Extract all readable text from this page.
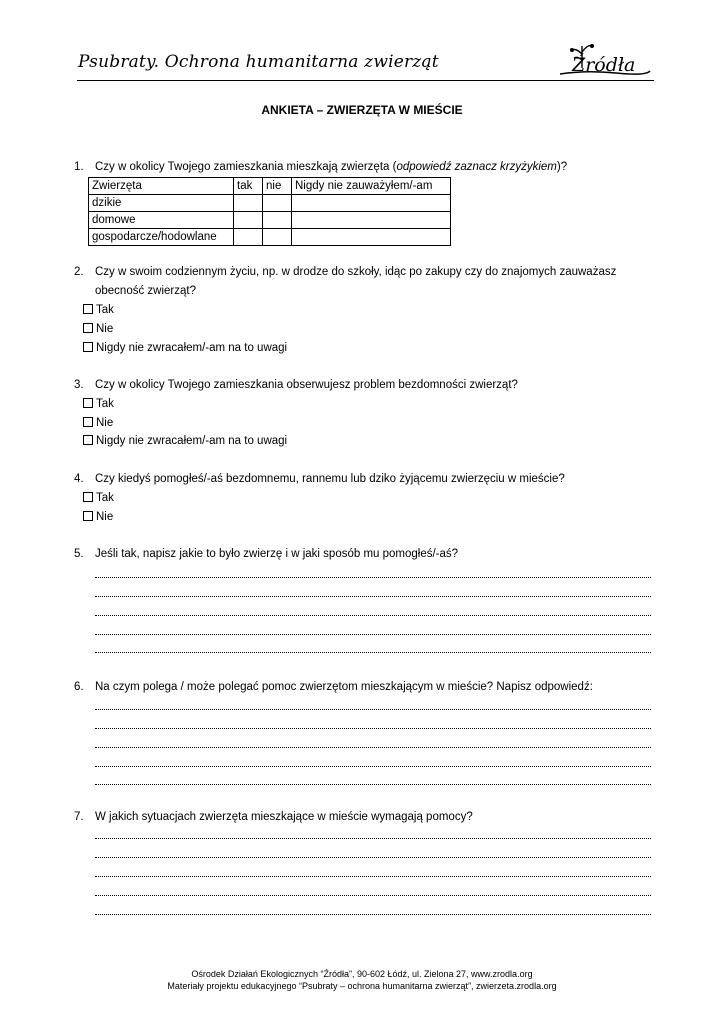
Psubraty. Ochrona humanitarna zwierząt	Źródła
ANKIETA – ZWIERZĘTA W MIEŚCIE
1. Czy w okolicy Twojego zamieszkania mieszkają zwierzęta (odpowiedź zaznacz krzyżykiem)?
Zwierzęta	tak	nie	Nigdy nie zauważyłem/-am
dzikie			
domowe			
gospodarcze/hodowlane			
2. Czy w swoim codziennym życiu, np. w drodze do szkoły, idąc po zakupy czy do znajomych zauważasz
obecność zwierząt?
Tak
Nie
Nigdy nie zwracałem/-am na to uwagi
3. Czy w okolicy Twojego zamieszkania obserwujesz problem bezdomności zwierząt?
Tak
Nie
Nigdy nie zwracałem/-am na to uwagi
4. Czy kiedyś pomogłeś/-aś bezdomnemu, rannemu lub dziko żyjącemu zwierzęciu w mieście?
Tak
Nie
5. Jeśli tak, napisz jakie to było zwierzę i w jaki sposób mu pomogłeś/-aś?
6. Na czym polega / może polegać pomoc zwierzętom mieszkającym w mieście? Napisz odpowiedź:
7. W jakich sytuacjach zwierzęta mieszkające w mieście wymagają pomocy?
Ośrodek Działań Ekologicznych “Źródła”, 90-602 Łódź, ul. Zielona 27, www.zrodla.org
Materiały projektu edukacyjnego “Psubraty – ochrona humanitarna zwierząt”, zwierzeta.zrodla.org
